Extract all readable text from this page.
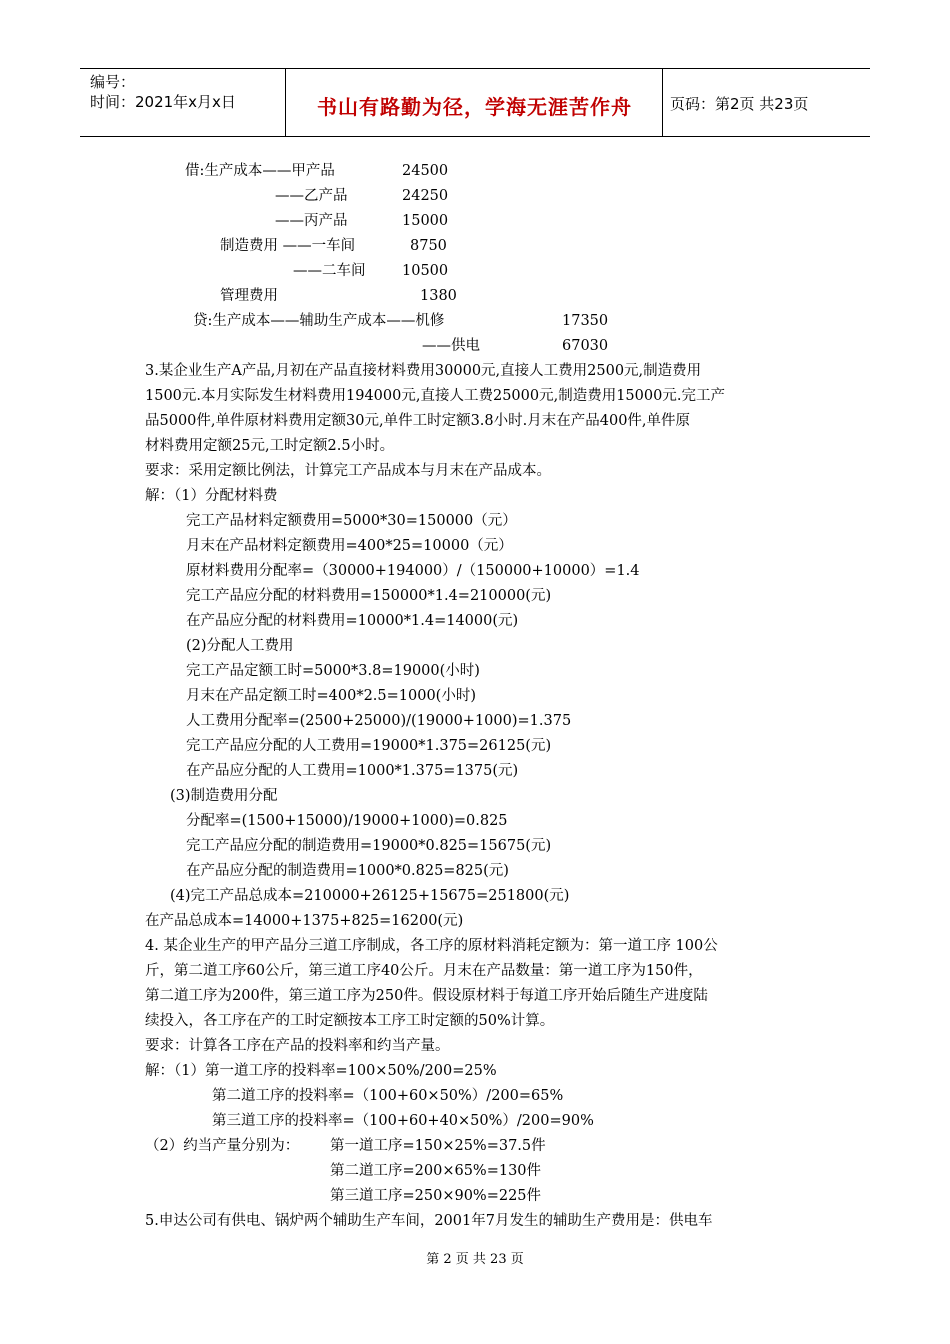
编号：
时间：2021年x月x日	书山有路勤为径，学海无涯苦作舟	页码：第2页 共23页
借:生产成本——甲产品	24500
——乙产品	24250
——丙产品	15000
制造费用 ——一车间	8750
——二车间	10500
管理费用	1380
贷:生产成本——辅助生产成本——机修	17350
——供电	67030
3.某企业生产A产品,月初在产品直接材料费用30000元,直接人工费用2500元,制造费用
1500元.本月实际发生材料费用194000元,直接人工费25000元,制造费用15000元.完工产
品5000件,单件原材料费用定额30元,单件工时定额3.8小时.月末在产品400件,单件原
材料费用定额25元,工时定额2.5小时。
要求：采用定额比例法，计算完工产品成本与月末在产品成本。
解：（1）分配材料费
完工产品材料定额费用=5000*30=150000（元）
月末在产品材料定额费用=400*25=10000（元）
原材料费用分配率=（30000+194000）/（150000+10000）=1.4
完工产品应分配的材料费用=150000*1.4=210000(元)
在产品应分配的材料费用=10000*1.4=14000(元)
(2)分配人工费用
完工产品定额工时=5000*3.8=19000(小时)
月末在产品定额工时=400*2.5=1000(小时)
人工费用分配率=(2500+25000)/(19000+1000)=1.375
完工产品应分配的人工费用=19000*1.375=26125(元)
在产品应分配的人工费用=1000*1.375=1375(元)
(3)制造费用分配
分配率=(1500+15000)/19000+1000)=0.825
完工产品应分配的制造费用=19000*0.825=15675(元)
在产品应分配的制造费用=1000*0.825=825(元)
(4)完工产品总成本=210000+26125+15675=251800(元)
在产品总成本=14000+1375+825=16200(元)
4. 某企业生产的甲产品分三道工序制成，各工序的原材料消耗定额为：第一道工序 100公
斤，第二道工序60公斤，第三道工序40公斤。月末在产品数量：第一道工序为150件，
第二道工序为200件，第三道工序为250件。假设原材料于每道工序开始后随生产进度陆
续投入，各工序在产的工时定额按本工序工时定额的50%计算。
要求：计算各工序在产品的投料率和约当产量。
解：（1）第一道工序的投料率=100×50%/200=25%
第二道工序的投料率=（100+60×50%）/200=65%
第三道工序的投料率=（100+60+40×50%）/200=90%
（2）约当产量分别为： 第一道工序=150×25%=37.5件
第二道工序=200×65%=130件
第三道工序=250×90%=225件
5.申达公司有供电、锅炉两个辅助生产车间，2001年7月发生的辅助生产费用是：供电车
第 2 页 共 23 页
